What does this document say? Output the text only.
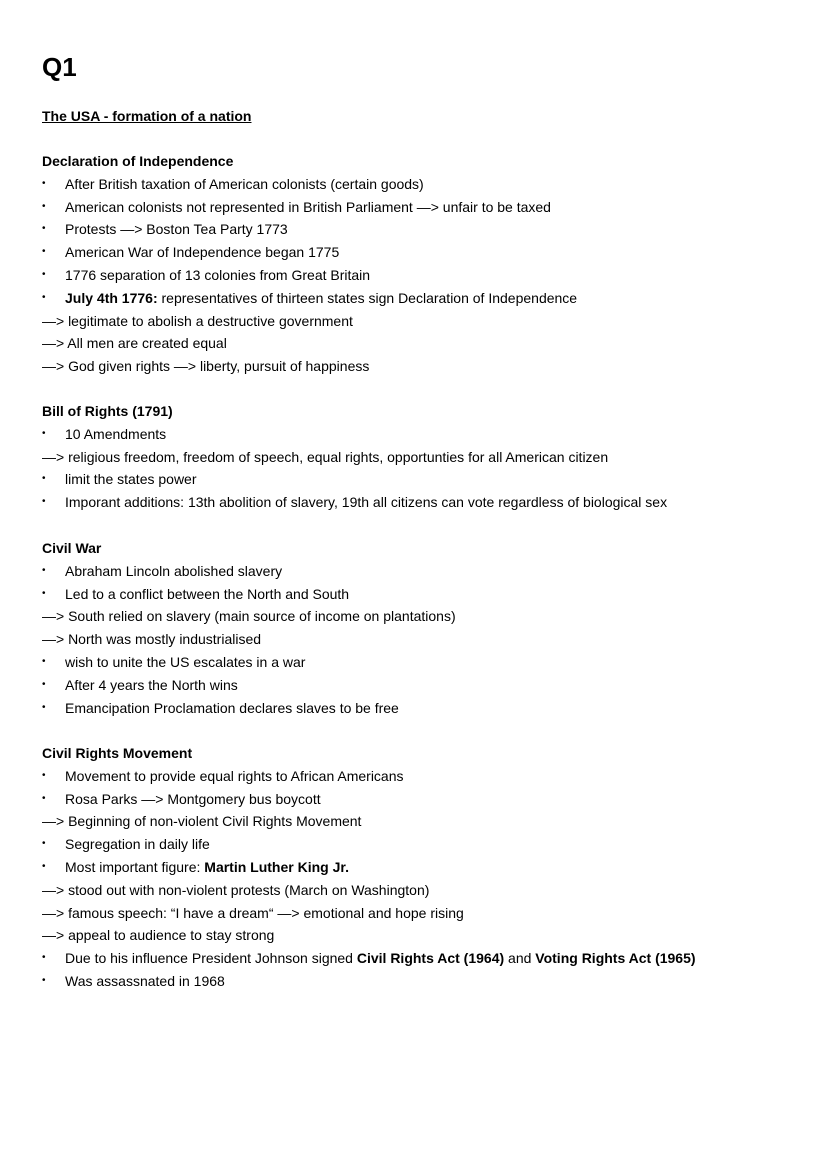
Q1
The USA - formation of a nation
Declaration of Independence
•	After British taxation of American colonists (certain goods)
•	American colonists not represented in British Parliament —> unfair to be taxed
•	Protests —> Boston Tea Party 1773
•	American War of Independence began 1775
•	1776 separation of 13 colonies from Great Britain
•	July 4th 1776: representatives of thirteen states sign Declaration of Independence
—> legitimate to abolish a destructive government
—> All men are created equal
—> God given rights —> liberty, pursuit of happiness
Bill of Rights (1791)
•	10 Amendments
—> religious freedom, freedom of speech, equal rights, opportunties for all American citizen
•	limit the states power
•	Imporant additions: 13th abolition of slavery, 19th all citizens can vote regardless of biological sex
Civil War
•	Abraham Lincoln abolished slavery
•	Led to a conflict between the North and South
—> South relied on slavery (main source of income on plantations)
—> North was mostly industrialised
•	wish to unite the US escalates in a war
•	After 4 years the North wins
•	Emancipation Proclamation declares slaves to be free
Civil Rights Movement
•	Movement to provide equal rights to African Americans
•	Rosa Parks —> Montgomery bus boycott
—> Beginning of non-violent Civil Rights Movement
•	Segregation in daily life
•	Most important figure: Martin Luther King Jr.
—> stood out with non-violent protests (March on Washington)
—> famous speech: “I have a dream“ —> emotional and hope rising
—> appeal to audience to stay strong
•	Due to his influence President Johnson signed Civil Rights Act (1964) and Voting Rights Act (1965)
•	Was assassnated in 1968
